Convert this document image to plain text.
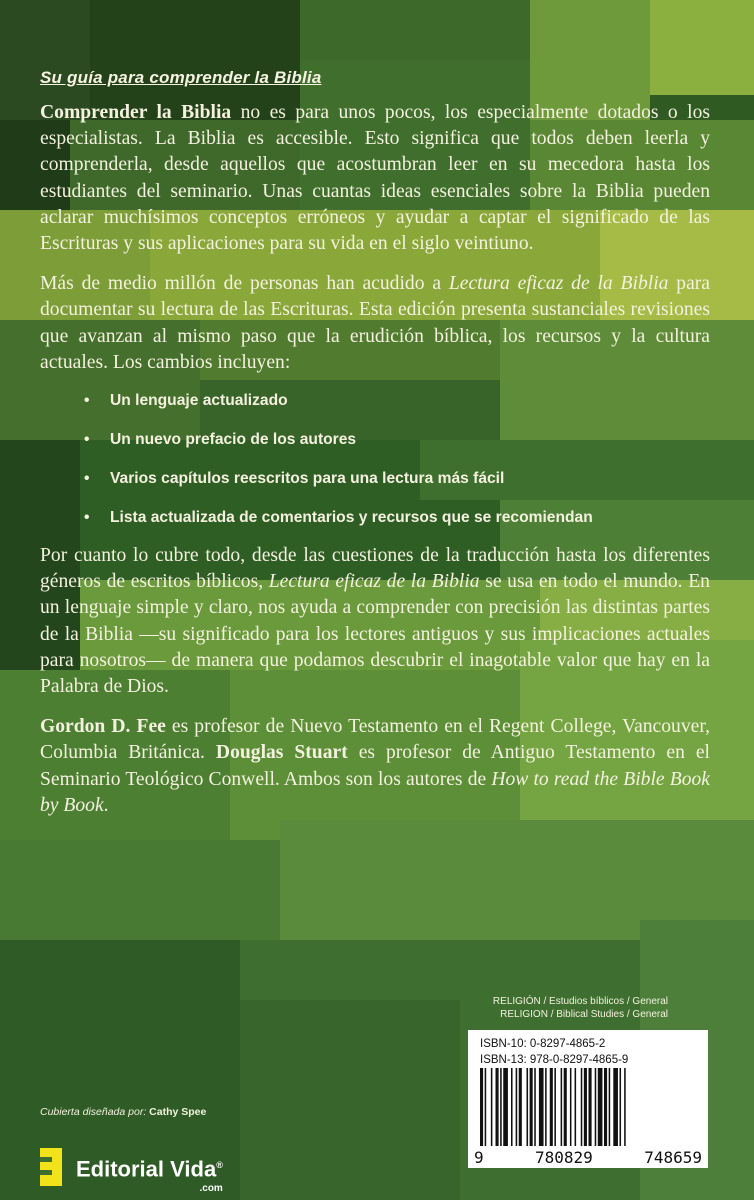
Su guía para comprender la Biblia

Comprender la Biblia no es para unos pocos, los especialmente dotados o los especialistas. La Biblia es accesible. Esto significa que todos deben leerla y comprenderla, desde aquellos que acostumbran leer en su mecedora hasta los estudiantes del seminario. Unas cuantas ideas esenciales sobre la Biblia pueden aclarar muchísimos conceptos erróneos y ayudar a captar el significado de las Escrituras y sus aplicaciones para su vida en el siglo veintiuno.

Más de medio millón de personas han acudido a Lectura eficaz de la Biblia para documentar su lectura de las Escrituras. Esta edición presenta sustanciales revisiones que avanzan al mismo paso que la erudición bíblica, los recursos y la cultura actuales. Los cambios incluyen:

• Un lenguaje actualizado
• Un nuevo prefacio de los autores
• Varios capítulos reescritos para una lectura más fácil
• Lista actualizada de comentarios y recursos que se recomiendan

Por cuanto lo cubre todo, desde las cuestiones de la traducción hasta los diferentes géneros de escritos bíblicos, Lectura eficaz de la Biblia se usa en todo el mundo. En un lenguaje simple y claro, nos ayuda a comprender con precisión las distintas partes de la Biblia —su significado para los lectores antiguos y sus implicaciones actuales para nosotros— de manera que podamos descubrir el inagotable valor que hay en la Palabra de Dios.

Gordon D. Fee es profesor de Nuevo Testamento en el Regent College, Vancouver, Columbia Británica. Douglas Stuart es profesor de Antiguo Testamento en el Seminario Teológico Conwell. Ambos son los autores de How to read the Bible Book by Book.

RELIGIÓN / Estudios bíblicos / General
RELIGION / Biblical Studies / General
ISBN-10: 0-8297-4865-2
ISBN-13: 978-0-8297-4865-9
9	780829	748659
Cubierta diseñada por: Cathy Spee
Editorial Vida®
.com
